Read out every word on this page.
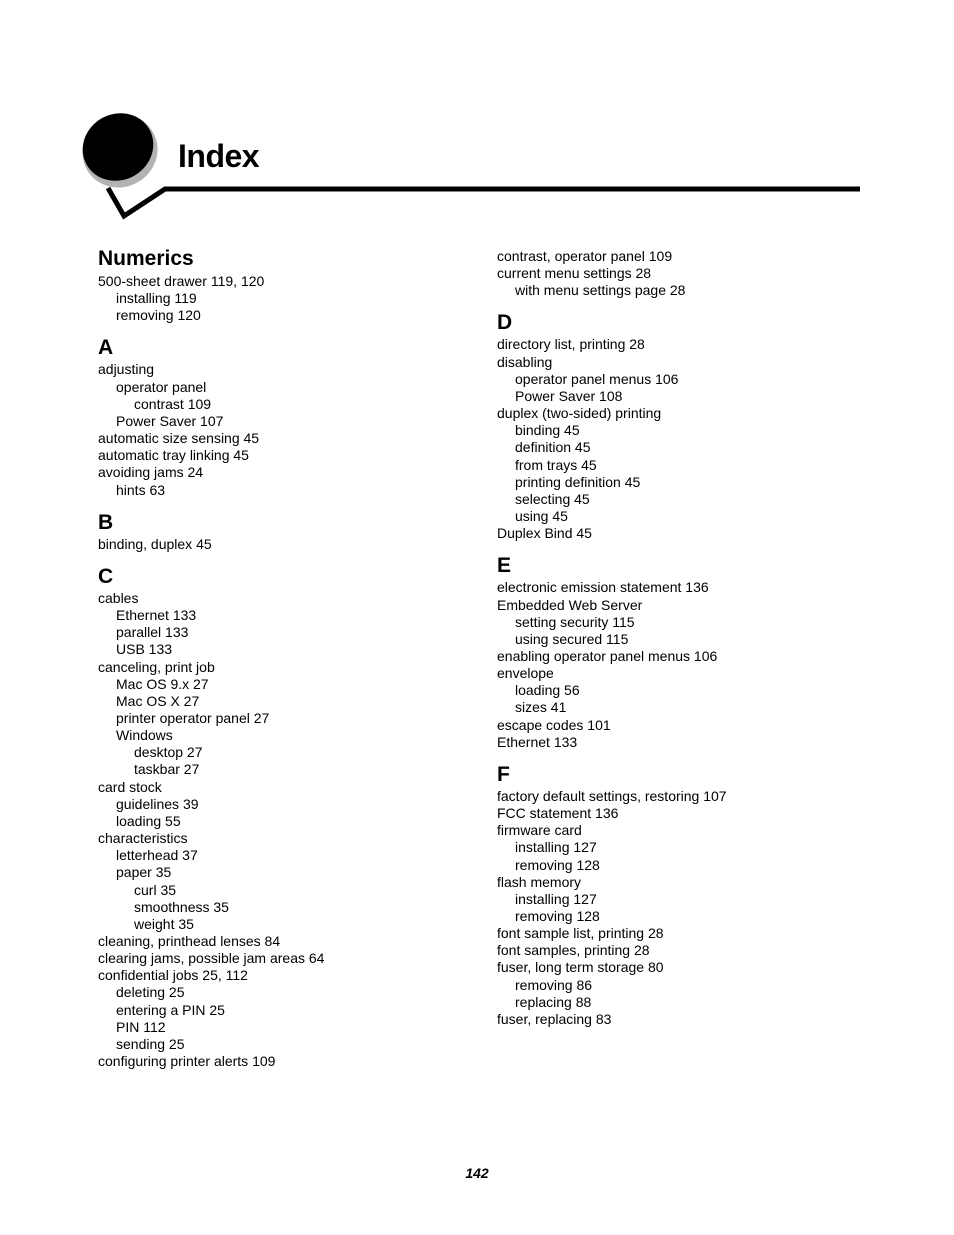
Index
Numerics
500-sheet drawer 119, 120
installing 119
removing 120
A
adjusting
operator panel
contrast 109
Power Saver 107
automatic size sensing 45
automatic tray linking 45
avoiding jams 24
hints 63
B
binding, duplex 45
C
cables
Ethernet 133
parallel 133
USB 133
canceling, print job
Mac OS 9.x 27
Mac OS X 27
printer operator panel 27
Windows
desktop 27
taskbar 27
card stock
guidelines 39
loading 55
characteristics
letterhead 37
paper 35
curl 35
smoothness 35
weight 35
cleaning, printhead lenses 84
clearing jams, possible jam areas 64
confidential jobs 25, 112
deleting 25
entering a PIN 25
PIN 112
sending 25
configuring printer alerts 109
contrast, operator panel 109
current menu settings 28
with menu settings page 28
D
directory list, printing 28
disabling
operator panel menus 106
Power Saver 108
duplex (two-sided) printing
binding 45
definition 45
from trays 45
printing definition 45
selecting 45
using 45
Duplex Bind 45
E
electronic emission statement 136
Embedded Web Server
setting security 115
using secured 115
enabling operator panel menus 106
envelope
loading 56
sizes 41
escape codes 101
Ethernet 133
F
factory default settings, restoring 107
FCC statement 136
firmware card
installing 127
removing 128
flash memory
installing 127
removing 128
font sample list, printing 28
font samples, printing 28
fuser, long term storage 80
removing 86
replacing 88
fuser, replacing 83
142
